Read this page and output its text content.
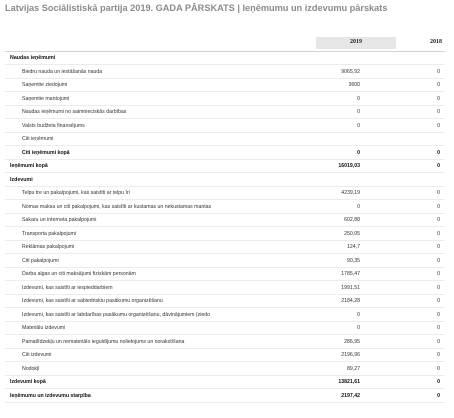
Latvijas Sociālistiskā partija 2019. GADA PĀRSKATS | Ieņēmumu un izdevumu pārskats
2019	2018
Naudas ieņēmumi
Biedru nauda un iestāšanās nauda	9065,92	0
Saņemtie ziedojumi	3600	0
Saņemtie mantojumi	0	0
Naudas ieņēmumi no saimnieciskās darbības	0	0
Valsts budžeta finansējums	0	0
Citi ieņēmumi
Citi ieņēmumi kopā	0	0
Ieņēmumi kopā	16019,03	0
Izdevumi
Telpu tre un pakalpojumi, kas saistīti ar telpu īri	4239,19	0
Nomas maksa un citi pakalpojumi, kas saistīti ar kustamas un nekustamas mantas	0	0
Sakaru un interneta pakalpojumi	602,88	0
Transporta pakalpojumi	250,05	0
Reklāmas pakalpojumi	124,7	0
Citi pakalpojumi	90,35	0
Darba algas un citi maksājumi fiziskām personām	1785,47	0
Izdevumi, kas saistīti ar iespieddarbiem	1991,51	0
Izdevumi, kas saistīti ar sabiedriskiu pasākumu organizēšanu	2184,28	0
Izdevumi, kas saistīti ar labdarības pasākumu organizēšanu, dāvinājumiem (ziedo	0	0
Materiālu izdevumi	0	0
Pamatlīdzekļu un nemateriālo ieguldījumu nolietojums un norakstīšana	286,95	0
Citi izdevumi	2196,96	0
Nodokļi	89,27	0
Izdevumi kopā	13821,61	0
Ieņēmumu un izdevumu starpība	2197,42	0
